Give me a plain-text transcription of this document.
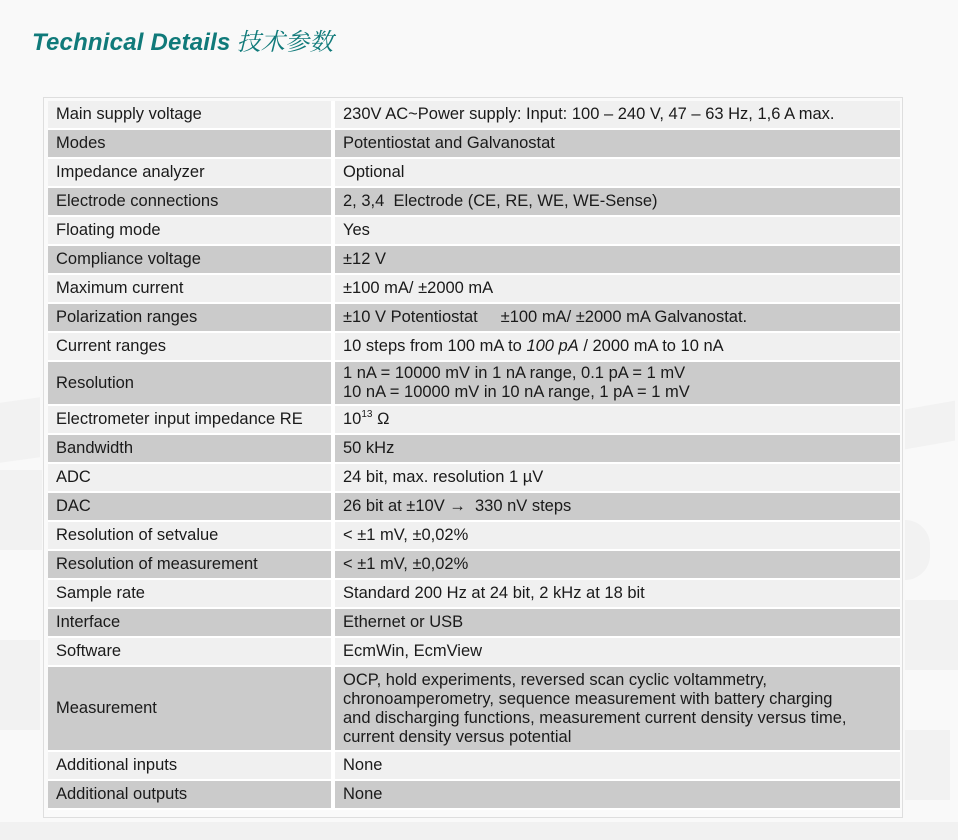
Technical Details 技术参数
Main supply voltage	230V AC~Power supply: Input: 100 – 240 V, 47 – 63 Hz, 1,6 A max.
Modes	Potentiostat and Galvanostat
Impedance analyzer	Optional
Electrode connections	2, 3,4  Electrode (CE, RE, WE, WE-Sense)
Floating mode	Yes
Compliance voltage	±12 V
Maximum current	±100 mA/ ±2000 mA
Polarization ranges	±10 V Potentiostat     ±100 mA/ ±2000 mA Galvanostat.
Current ranges	10 steps from 100 mA to 100 pA / 2000 mA to 10 nA
Resolution	1 nA = 10000 mV in 1 nA range, 0.1 pA = 1 mV
10 nA = 10000 mV in 10 nA range, 1 pA = 1 mV

Electrometer input impedance RE	$10^{13}$ Ω
Bandwidth	50 kHz
ADC	24 bit, max. resolution 1 µV
DAC	26 bit at ±10V →  330 nV steps
Resolution of setvalue	< ±1 mV, ±0,02%
Resolution of measurement	< ±1 mV, ±0,02%
Sample rate	Standard 200 Hz at 24 bit, 2 kHz at 18 bit
Interface	Ethernet or USB
Software	EcmWin, EcmView
Measurement	OCP, hold experiments, reversed scan cyclic voltammetry,
chronoamperometry, sequence measurement with battery charging
and discharging functions, measurement current density versus time,
current density versus potential

Additional inputs	None
Additional outputs	None
